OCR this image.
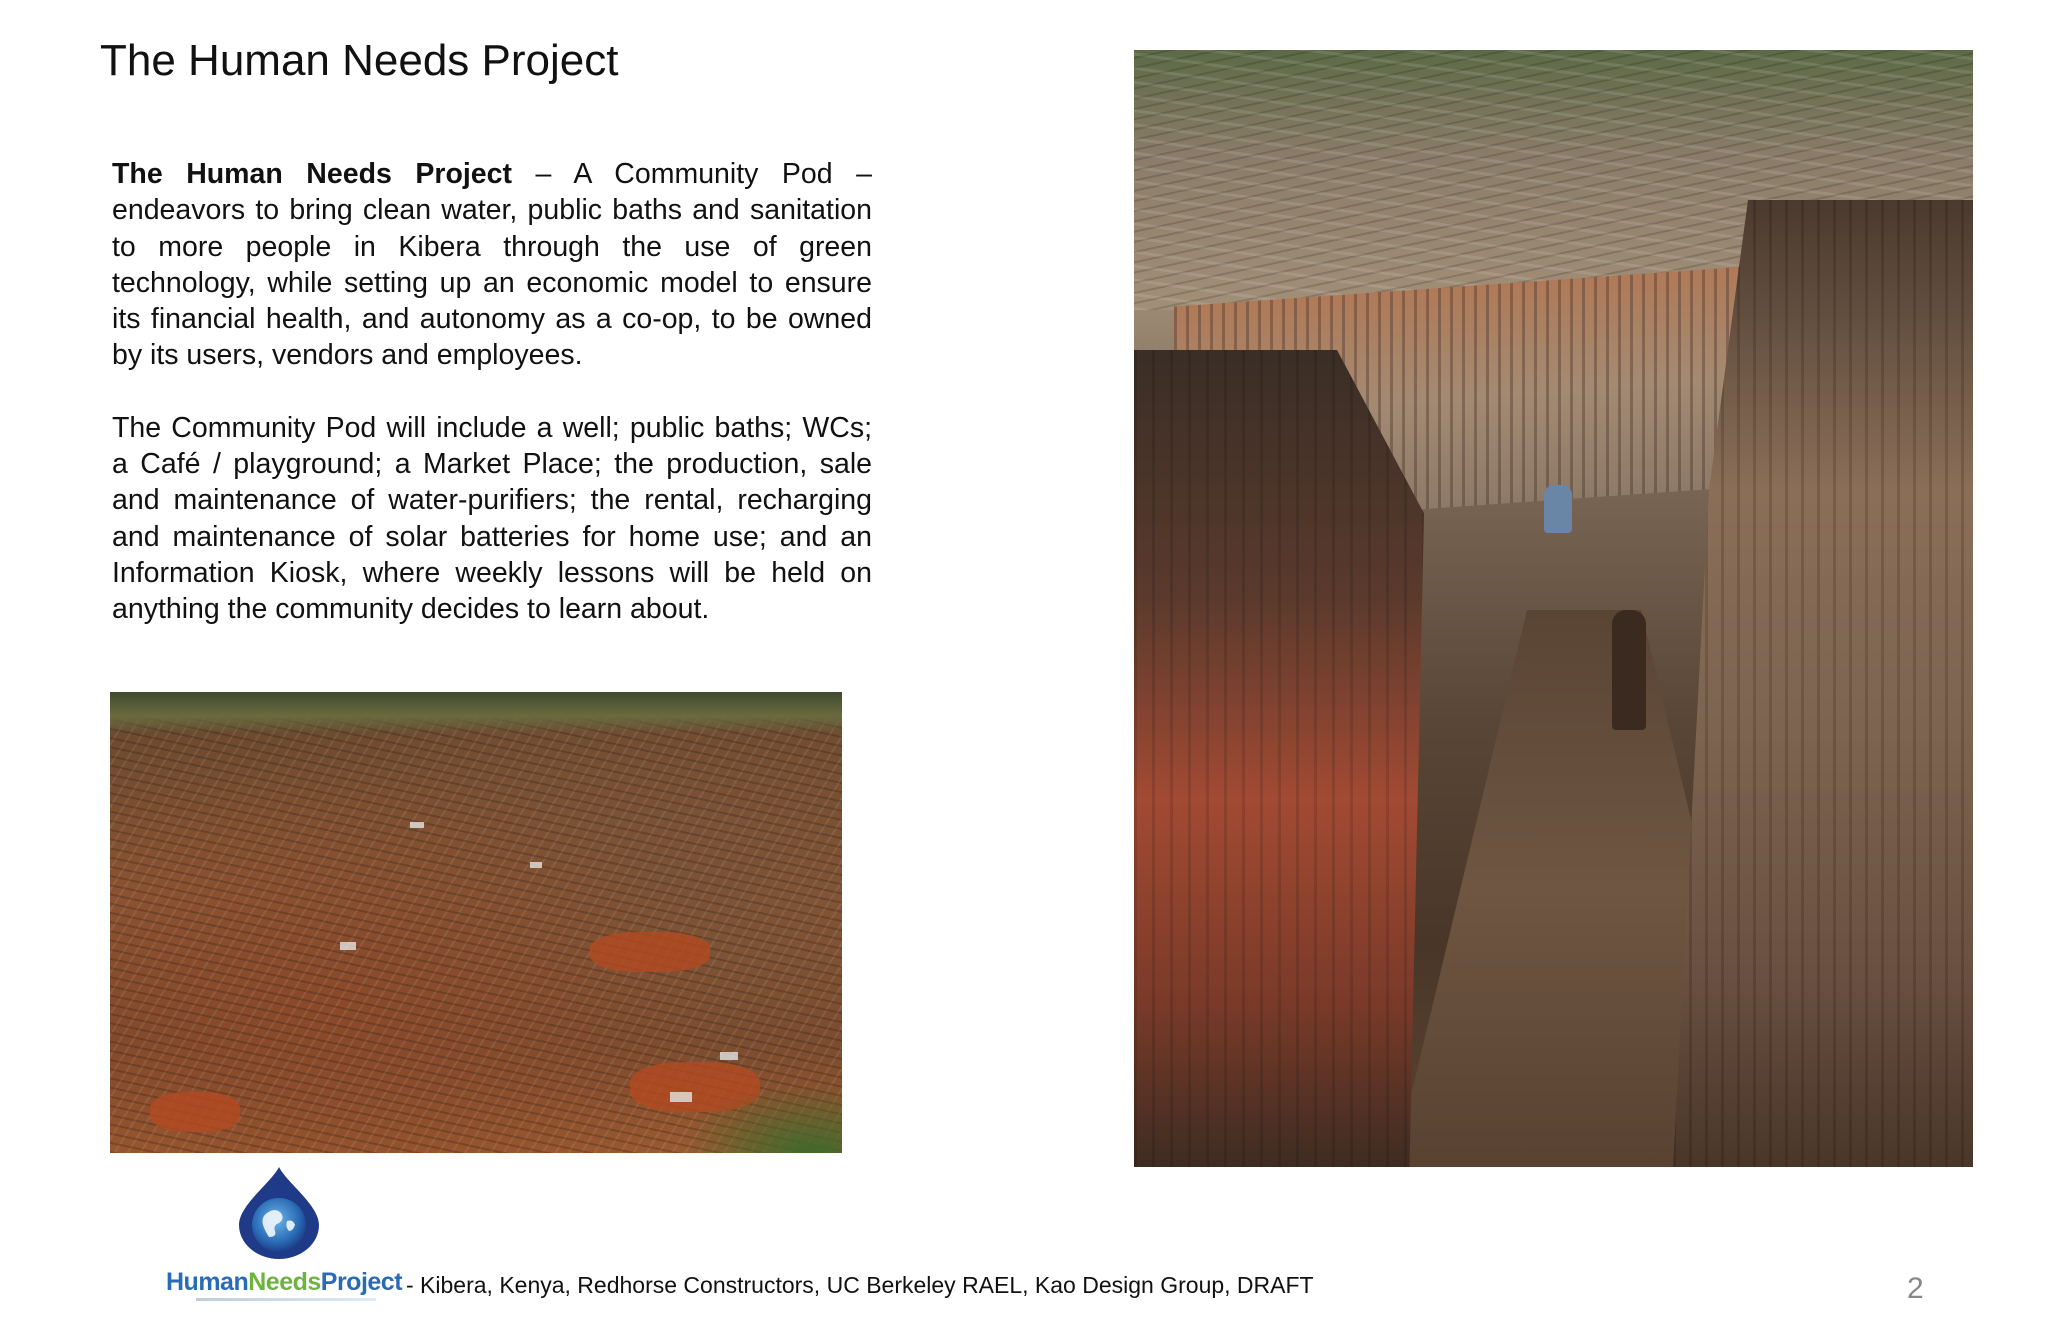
The Human Needs Project

The Human Needs Project – A Community Pod – endeavors to bring clean water, public baths and sanitation to more people in Kibera through the use of green technology, while setting up an economic model to ensure its financial health, and autonomy as a co-op, to be owned by its users, vendors and employees.

The Community Pod will include a well; public baths; WCs; a Café / playground; a Market Place; the production, sale and maintenance of water-purifiers; the rental, recharging and maintenance of solar batteries for home use; and an Information Kiosk, where weekly lessons will be held on anything the community decides to learn about.

HumanNeedsProject - Kibera, Kenya, Redhorse Constructors, UC Berkeley RAEL, Kao Design Group, DRAFT	2
